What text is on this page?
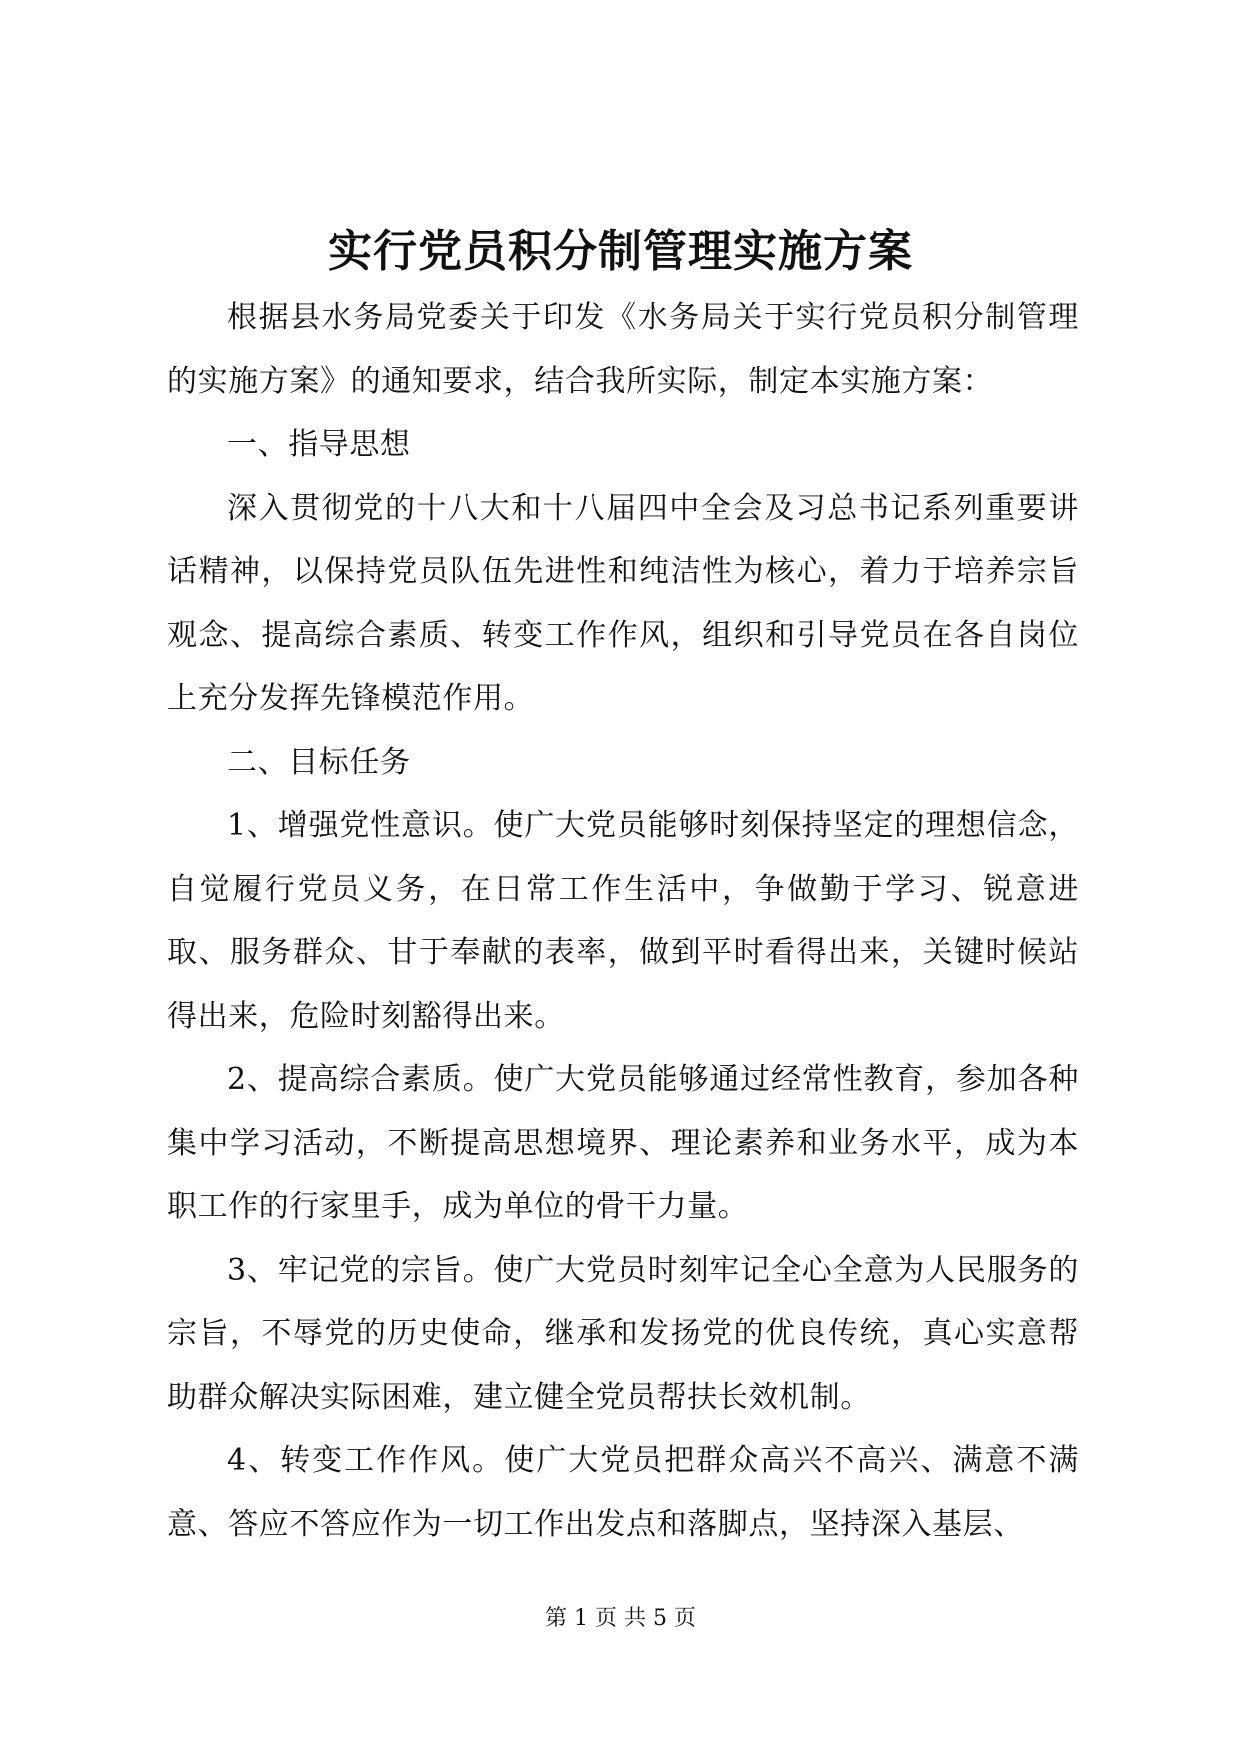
实行党员积分制管理实施方案

根据县水务局党委关于印发《水务局关于实行党员积分制管理的实施方案》的通知要求，结合我所实际，制定本实施方案：

一、指导思想

深入贯彻党的十八大和十八届四中全会及习总书记系列重要讲话精神，以保持党员队伍先进性和纯洁性为核心，着力于培养宗旨观念、提高综合素质、转变工作作风，组织和引导党员在各自岗位上充分发挥先锋模范作用。

二、目标任务

1、增强党性意识。使广大党员能够时刻保持坚定的理想信念，自觉履行党员义务，在日常工作生活中，争做勤于学习、锐意进取、服务群众、甘于奉献的表率，做到平时看得出来，关键时候站得出来，危险时刻豁得出来。

2、提高综合素质。使广大党员能够通过经常性教育，参加各种集中学习活动，不断提高思想境界、理论素养和业务水平，成为本职工作的行家里手，成为单位的骨干力量。

3、牢记党的宗旨。使广大党员时刻牢记全心全意为人民服务的宗旨，不辱党的历史使命，继承和发扬党的优良传统，真心实意帮助群众解决实际困难，建立健全党员帮扶长效机制。

4、转变工作作风。使广大党员把群众高兴不高兴、满意不满意、答应不答应作为一切工作出发点和落脚点，坚持深入基层、

第 1 页 共 5 页
